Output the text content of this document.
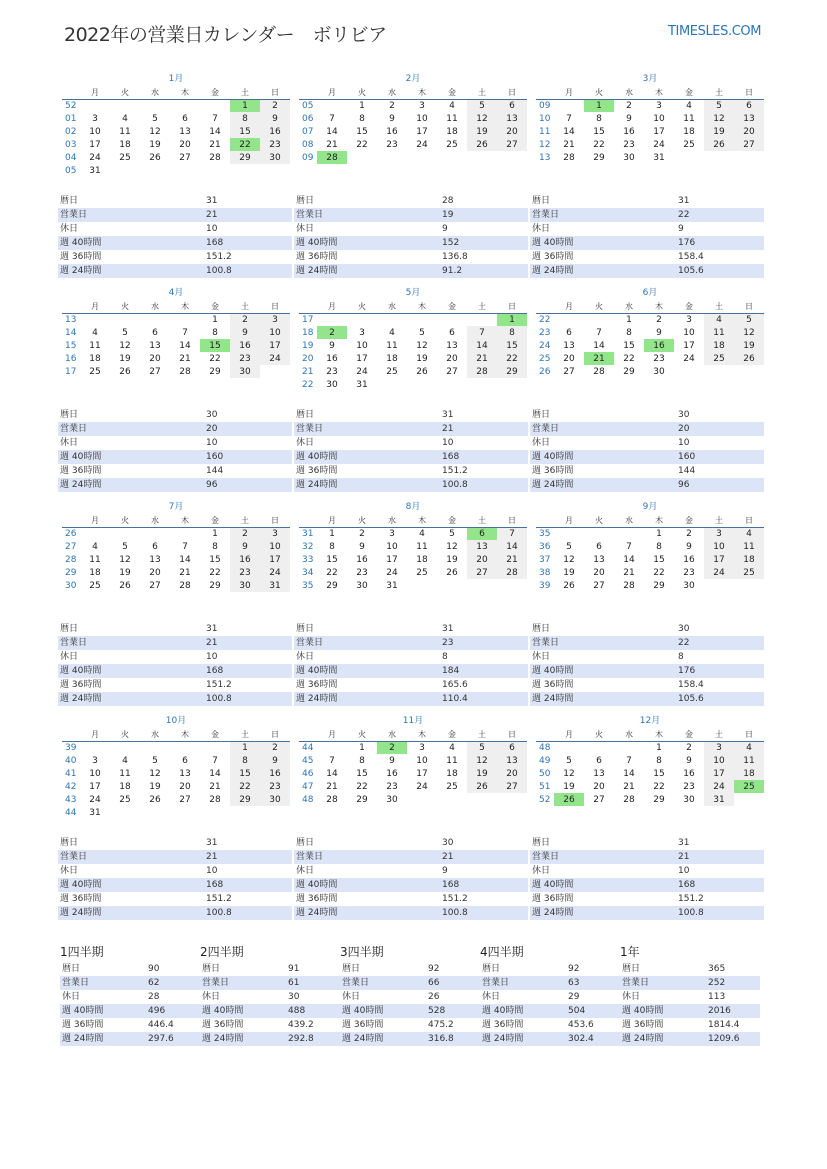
2022年の営業日カレンダー　ボリビア	TIMESLES.COM
1月
	月	火	水	木	金	土	日
52						1	2
01	3	4	5	6	7	8	9
02	10	11	12	13	14	15	16
03	17	18	19	20	21	22	23
04	24	25	26	27	28	29	30
05	31						
暦日	31
営業日	21
休日	10
週 40時間	168
週 36時間	151.2
週 24時間	100.8
2月
	月	火	水	木	金	土	日
05		1	2	3	4	5	6
06	7	8	9	10	11	12	13
07	14	15	16	17	18	19	20
08	21	22	23	24	25	26	27
09	28						
暦日	28
営業日	19
休日	9
週 40時間	152
週 36時間	136.8
週 24時間	91.2
3月
	月	火	水	木	金	土	日
09		1	2	3	4	5	6
10	7	8	9	10	11	12	13
11	14	15	16	17	18	19	20
12	21	22	23	24	25	26	27
13	28	29	30	31			
暦日	31
営業日	22
休日	9
週 40時間	176
週 36時間	158.4
週 24時間	105.6
4月
	月	火	水	木	金	土	日
13					1	2	3
14	4	5	6	7	8	9	10
15	11	12	13	14	15	16	17
16	18	19	20	21	22	23	24
17	25	26	27	28	29	30	
暦日	30
営業日	20
休日	10
週 40時間	160
週 36時間	144
週 24時間	96
5月
	月	火	水	木	金	土	日
17							1
18	2	3	4	5	6	7	8
19	9	10	11	12	13	14	15
20	16	17	18	19	20	21	22
21	23	24	25	26	27	28	29
22	30	31					
暦日	31
営業日	21
休日	10
週 40時間	168
週 36時間	151.2
週 24時間	100.8
6月
	月	火	水	木	金	土	日
22			1	2	3	4	5
23	6	7	8	9	10	11	12
24	13	14	15	16	17	18	19
25	20	21	22	23	24	25	26
26	27	28	29	30			
暦日	30
営業日	20
休日	10
週 40時間	160
週 36時間	144
週 24時間	96
7月
	月	火	水	木	金	土	日
26					1	2	3
27	4	5	6	7	8	9	10
28	11	12	13	14	15	16	17
29	18	19	20	21	22	23	24
30	25	26	27	28	29	30	31
暦日	31
営業日	21
休日	10
週 40時間	168
週 36時間	151.2
週 24時間	100.8
8月
	月	火	水	木	金	土	日
31	1	2	3	4	5	6	7
32	8	9	10	11	12	13	14
33	15	16	17	18	19	20	21
34	22	23	24	25	26	27	28
35	29	30	31				
暦日	31
営業日	23
休日	8
週 40時間	184
週 36時間	165.6
週 24時間	110.4
9月
	月	火	水	木	金	土	日
35				1	2	3	4
36	5	6	7	8	9	10	11
37	12	13	14	15	16	17	18
38	19	20	21	22	23	24	25
39	26	27	28	29	30		
暦日	30
営業日	22
休日	8
週 40時間	176
週 36時間	158.4
週 24時間	105.6
10月
	月	火	水	木	金	土	日
39						1	2
40	3	4	5	6	7	8	9
41	10	11	12	13	14	15	16
42	17	18	19	20	21	22	23
43	24	25	26	27	28	29	30
44	31						
暦日	31
営業日	21
休日	10
週 40時間	168
週 36時間	151.2
週 24時間	100.8
11月
	月	火	水	木	金	土	日
44		1	2	3	4	5	6
45	7	8	9	10	11	12	13
46	14	15	16	17	18	19	20
47	21	22	23	24	25	26	27
48	28	29	30				
暦日	30
営業日	21
休日	9
週 40時間	168
週 36時間	151.2
週 24時間	100.8
12月
	月	火	水	木	金	土	日
48				1	2	3	4
49	5	6	7	8	9	10	11
50	12	13	14	15	16	17	18
51	19	20	21	22	23	24	25
52	26	27	28	29	30	31	
暦日	31
営業日	21
休日	10
週 40時間	168
週 36時間	151.2
週 24時間	100.8
1四半期
暦日	90
営業日	62
休日	28
週 40時間	496
週 36時間	446.4
週 24時間	297.6
2四半期
暦日	91
営業日	61
休日	30
週 40時間	488
週 36時間	439.2
週 24時間	292.8
3四半期
暦日	92
営業日	66
休日	26
週 40時間	528
週 36時間	475.2
週 24時間	316.8
4四半期
暦日	92
営業日	63
休日	29
週 40時間	504
週 36時間	453.6
週 24時間	302.4
1年
暦日	365
営業日	252
休日	113
週 40時間	2016
週 36時間	1814.4
週 24時間	1209.6
